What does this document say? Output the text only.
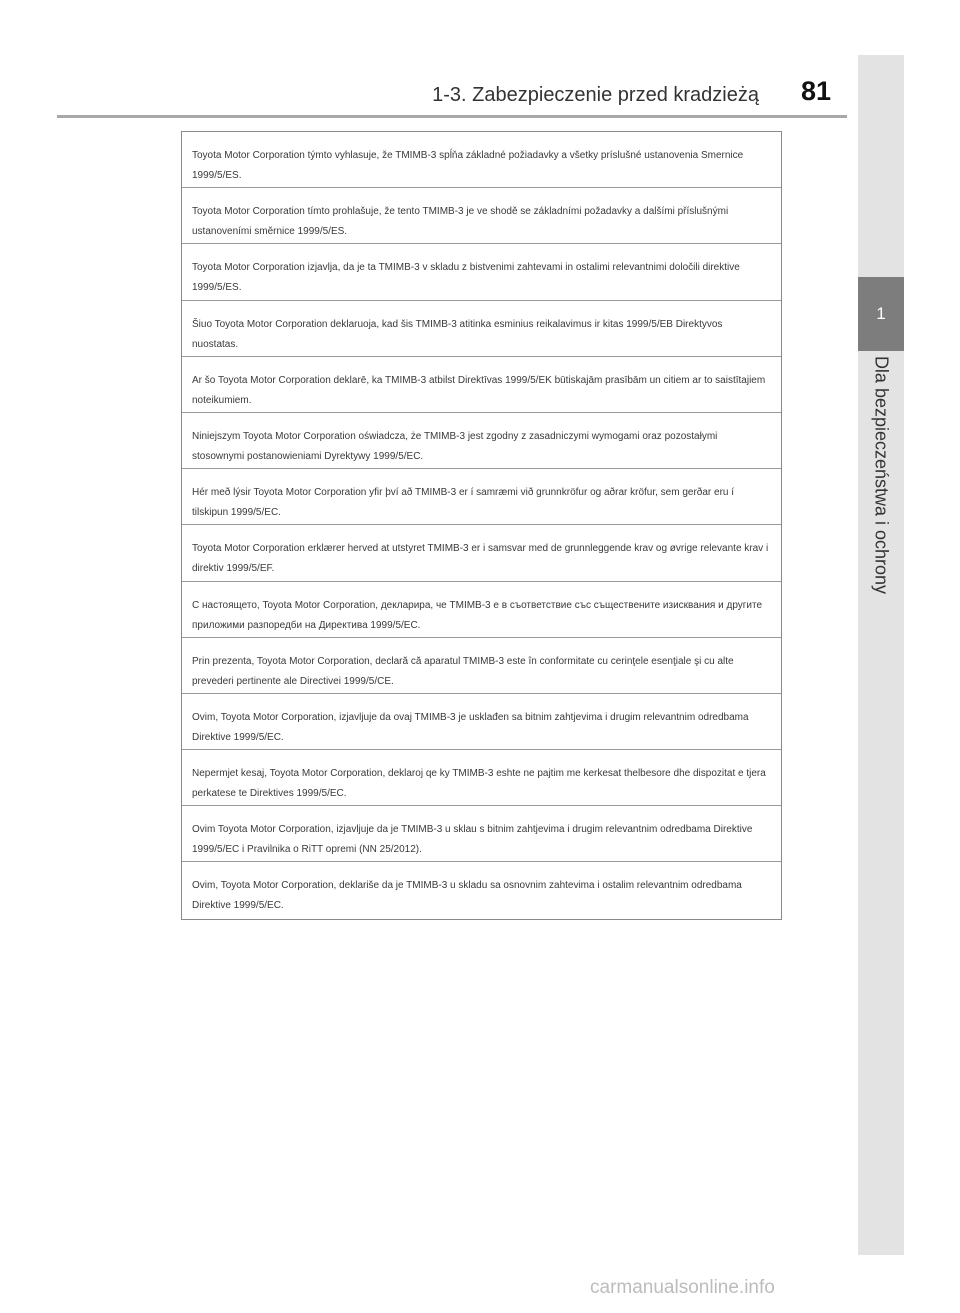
1-3. Zabezpieczenie przed kradzieżą 81
1
Dla bezpieczeństwa i ochrony
Toyota Motor Corporation týmto vyhlasuje, že TMIMB-3 spĺňa základné požiadavky a všetky príslušné ustanovenia Smernice 1999/5/ES.
Toyota Motor Corporation tímto prohlašuje, že tento TMIMB-3 je ve shodě se základními požadavky a dalšími příslušnými ustanoveními směrnice 1999/5/ES.
Toyota Motor Corporation izjavlja, da je ta TMIMB-3 v skladu z bistvenimi zahtevami in ostalimi relevantnimi določili direktive 1999/5/ES.
Šiuo Toyota Motor Corporation deklaruoja, kad šis TMIMB-3 atitinka esminius reikalavimus ir kitas 1999/5/EB Direktyvos nuostatas.
Ar šo Toyota Motor Corporation deklarē, ka TMIMB-3 atbilst Direktīvas 1999/5/EK būtiskajām prasībām un citiem ar to saistītajiem noteikumiem.
Niniejszym Toyota Motor Corporation oświadcza, że TMIMB-3 jest zgodny z zasadniczymi wymogami oraz pozostałymi stosownymi postanowieniami Dyrektywy 1999/5/EC.
Hér með lýsir Toyota Motor Corporation yfir því að TMIMB-3 er í samræmi við grunnkröfur og aðrar kröfur, sem gerðar eru í tilskipun 1999/5/EC.
Toyota Motor Corporation erklærer herved at utstyret TMIMB-3 er i samsvar med de grunnleggende krav og øvrige relevante krav i direktiv 1999/5/EF.
С настоящето, Toyota Motor Corporation, декларира, че TMIMB-3 е в съответствие със съществените изисквания и другите приложими разпоредби на Директива 1999/5/EC.
Prin prezenta, Toyota Motor Corporation, declară că aparatul TMIMB-3 este în conformitate cu cerinţele esenţiale şi cu alte prevederi pertinente ale Directivei 1999/5/CE.
Ovim, Toyota Motor Corporation, izjavljuje da ovaj TMIMB-3 je usklađen sa bitnim zahtjevima i drugim relevantnim odredbama Direktive 1999/5/EC.
Nepermjet kesaj, Toyota Motor Corporation, deklaroj qe ky TMIMB-3 eshte ne pajtim me kerkesat thelbesore dhe dispozitat e tjera perkatese te Direktives 1999/5/EC.
Ovim Toyota Motor Corporation, izjavljuje da je TMIMB-3 u sklau s bitnim zahtjevima i drugim relevantnim odredbama Direktive 1999/5/EC i Pravilnika o RiTT opremi (NN 25/2012).
Ovim, Toyota Motor Corporation, deklariše da je TMIMB-3 u skladu sa osnovnim zahtevima i ostalim relevantnim odredbama Direktive 1999/5/EC.
carmanualsonline.info
